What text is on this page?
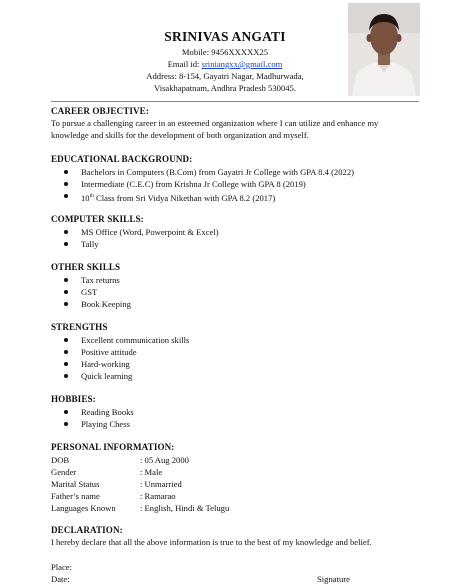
SRINIVAS ANGATI
Mobile: 9456XXXXX25
Email id: sriniangxx@gmail.com
Address: 8-154, Gayatri Nagar, Madhurwada,
Visakhapatnam, Andhra Pradesh 530045.
CAREER OBJECTIVE:
To pursue a challenging career in an esteemed organization where I can utilize and enhance my
knowledge and skills for the development of both organization and myself.
EDUCATIONAL BACKGROUND:
Bachelors in Computers (B.Com) from Gayatri Jr College with GPA 8.4 (2022)
Intermediate (C.E.C) from Krishna Jr College with GPA 8 (2019)
10th Class from Sri Vidya Nikethan with GPA 8.2 (2017)
COMPUTER SKILLS:
MS Office (Word, Powerpoint & Excel)
Tally
OTHER SKILLS
Tax returns
GST
Book Keeping
STRENGTHS
Excellent communication skills
Positive attitude
Hard-working
Quick learning
HOBBIES:
Reading Books
Playing Chess
PERSONAL INFORMATION:
DOB	: 05 Aug 2000
Gender	: Male
Marital Status	: Unmarried
Father’s name	: Ramarao
Languages Known	: English, Hindi & Telugu
DECLARATION:
I hereby declare that all the above information is true to the best of my knowledge and belief.
Place:
Date:	Signature
